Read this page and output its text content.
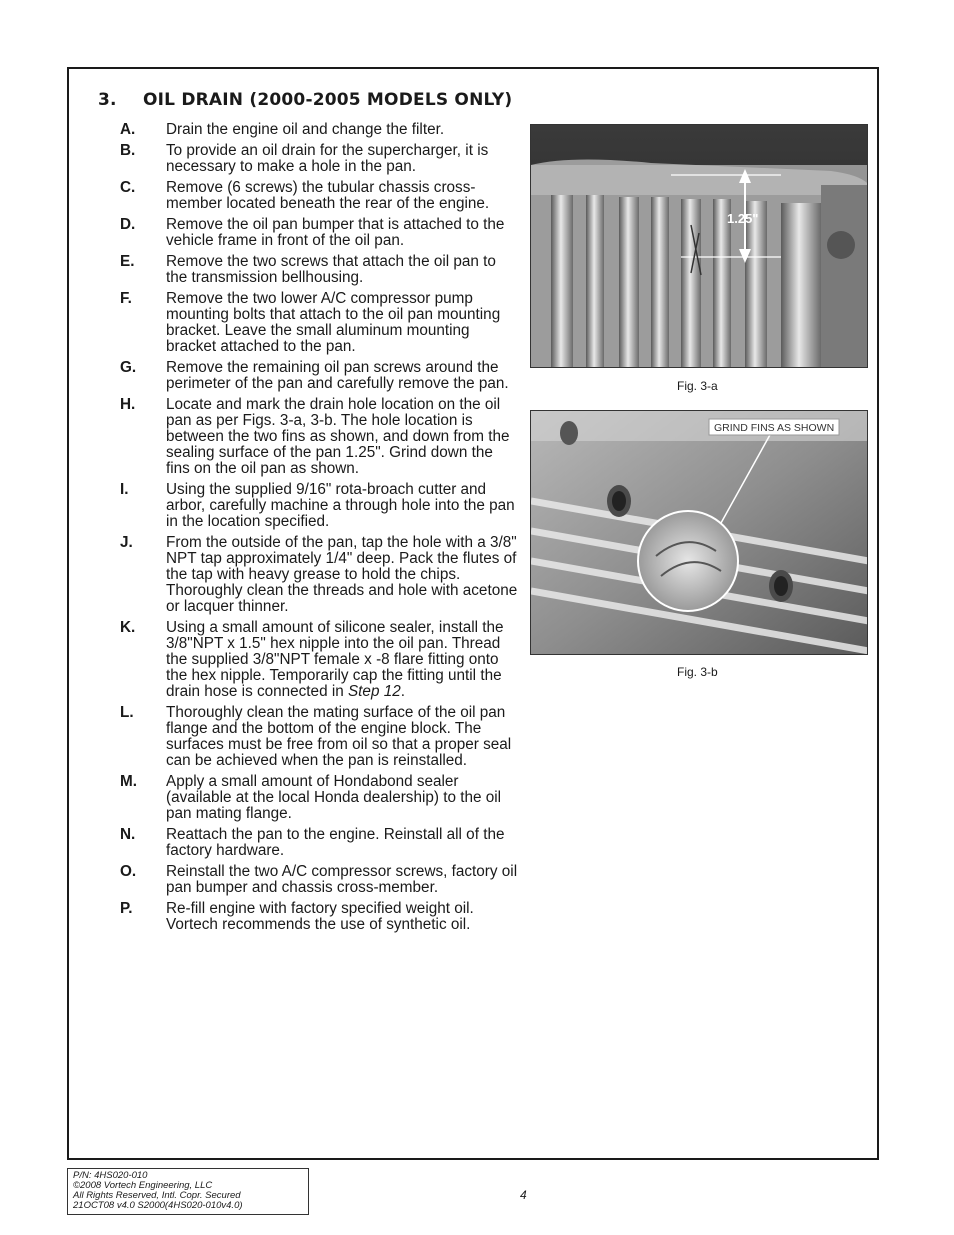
3. OIL DRAIN (2000-2005 MODELS ONLY)
A.	Drain the engine oil and change the filter.
B.	To provide an oil drain for the supercharger, it is necessary to make a hole in the pan.
C.	Remove (6 screws) the tubular chassis cross-member located beneath the rear of the engine.
D.	Remove the oil pan bumper that is attached to the vehicle frame in front of the oil pan.
E.	Remove the two screws that attach the oil pan to the transmission bellhousing.
F.	Remove the two lower A/C compressor pump mounting bolts that attach to the oil pan mounting bracket. Leave the small aluminum mounting bracket attached to the pan.
G.	Remove the remaining oil pan screws around the perimeter of the pan and carefully remove the pan.
H.	Locate and mark the drain hole location on the oil pan as per Figs. 3-a, 3-b. The hole location is between the two fins as shown, and down from the sealing surface of the pan 1.25". Grind down the fins on the oil pan as shown.
I.	Using the supplied 9/16" rota-broach cutter and arbor, carefully machine a through hole into the pan in the location specified.
J.	From the outside of the pan, tap the hole with a 3/8" NPT tap approximately 1/4" deep. Pack the flutes of the tap with heavy grease to hold the chips. Thoroughly clean the threads and hole with acetone or lacquer thinner.
K.	Using a small amount of silicone sealer, install the 3/8"NPT x 1.5" hex nipple into the oil pan. Thread the supplied 3/8"NPT female x -8 flare fitting onto the hex nipple. Temporarily cap the fitting until the drain hose is connected in Step 12.
L.	Thoroughly clean the mating surface of the oil pan flange and the bottom of the engine block. The surfaces must be free from oil so that a proper seal can be achieved when the pan is reinstalled.
M.	Apply a small amount of Hondabond sealer (available at the local Honda dealership) to the oil pan mating flange.
N.	Reattach the pan to the engine. Reinstall all of the factory hardware.
O.	Reinstall the two A/C compressor screws, factory oil pan bumper and chassis cross-member.
P.	Re-fill engine with factory specified weight oil. Vortech recommends the use of synthetic oil.
1.25"
Fig. 3-a
GRIND FINS AS SHOWN
Fig. 3-b
P/N: 4HS020-010
©2008 Vortech Engineering, LLC
All Rights Reserved, Intl. Copr. Secured
21OCT08 v4.0 S2000(4HS020-010v4.0)
4
